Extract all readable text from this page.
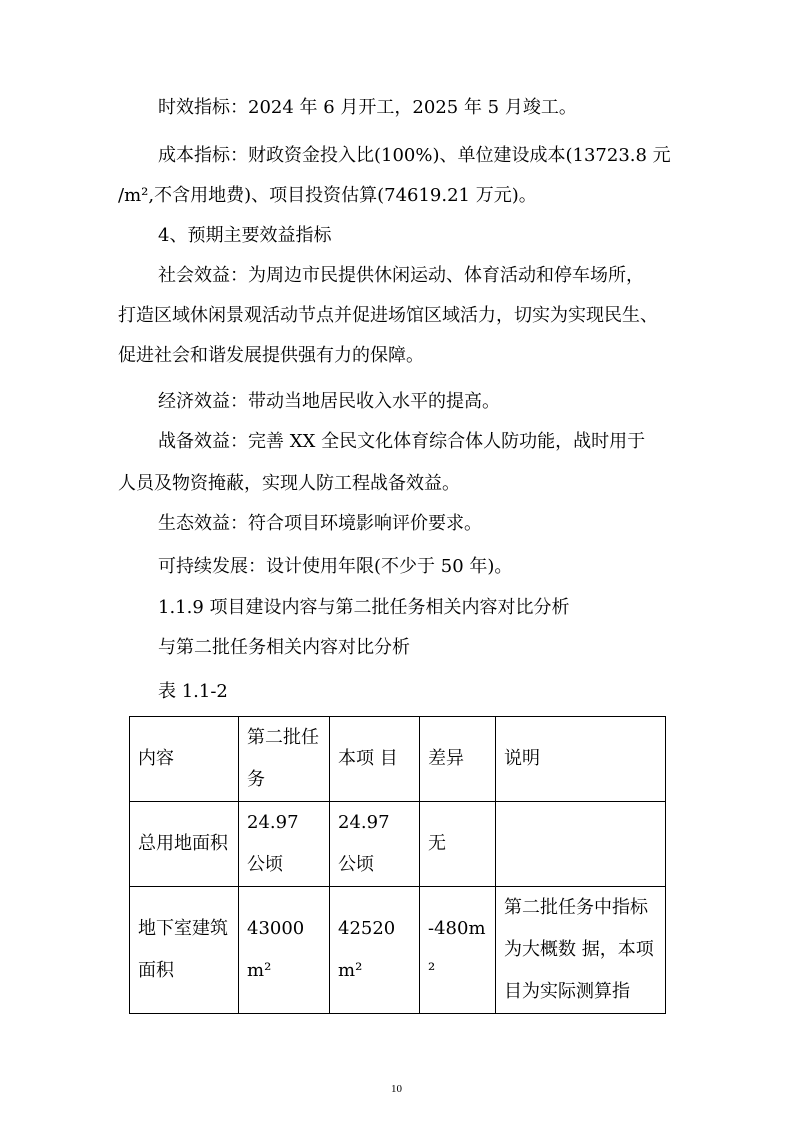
时效指标：2024 年 6 月开工，2025 年 5 月竣工。

成本指标：财政资金投入比(100%)、单位建设成本(13723.8 元

/m²,不含用地费)、项目投资估算(74619.21 万元)。

4、预期主要效益指标

社会效益：为周边市民提供休闲运动、体育活动和停车场所，

打造区域休闲景观活动节点并促进场馆区域活力，切实为实现民生、

促进社会和谐发展提供强有力的保障。

经济效益：带动当地居民收入水平的提高。

战备效益：完善 XX 全民文化体育综合体人防功能，战时用于

人员及物资掩蔽，实现人防工程战备效益。

生态效益：符合项目环境影响评价要求。

可持续发展：设计使用年限(不少于 50 年)。

1.1.9 项目建设内容与第二批任务相关内容对比分析

与第二批任务相关内容对比分析

表 1.1-2

内容	第二批任务	本项 目	差异	说明
总用地面积	24.97 公顷	24.97 公顷	无	
地下室建筑面积	43000m²	42520m²	-480m²	第二批任务中指标为大概数 据，本项目为实际测算指
10
